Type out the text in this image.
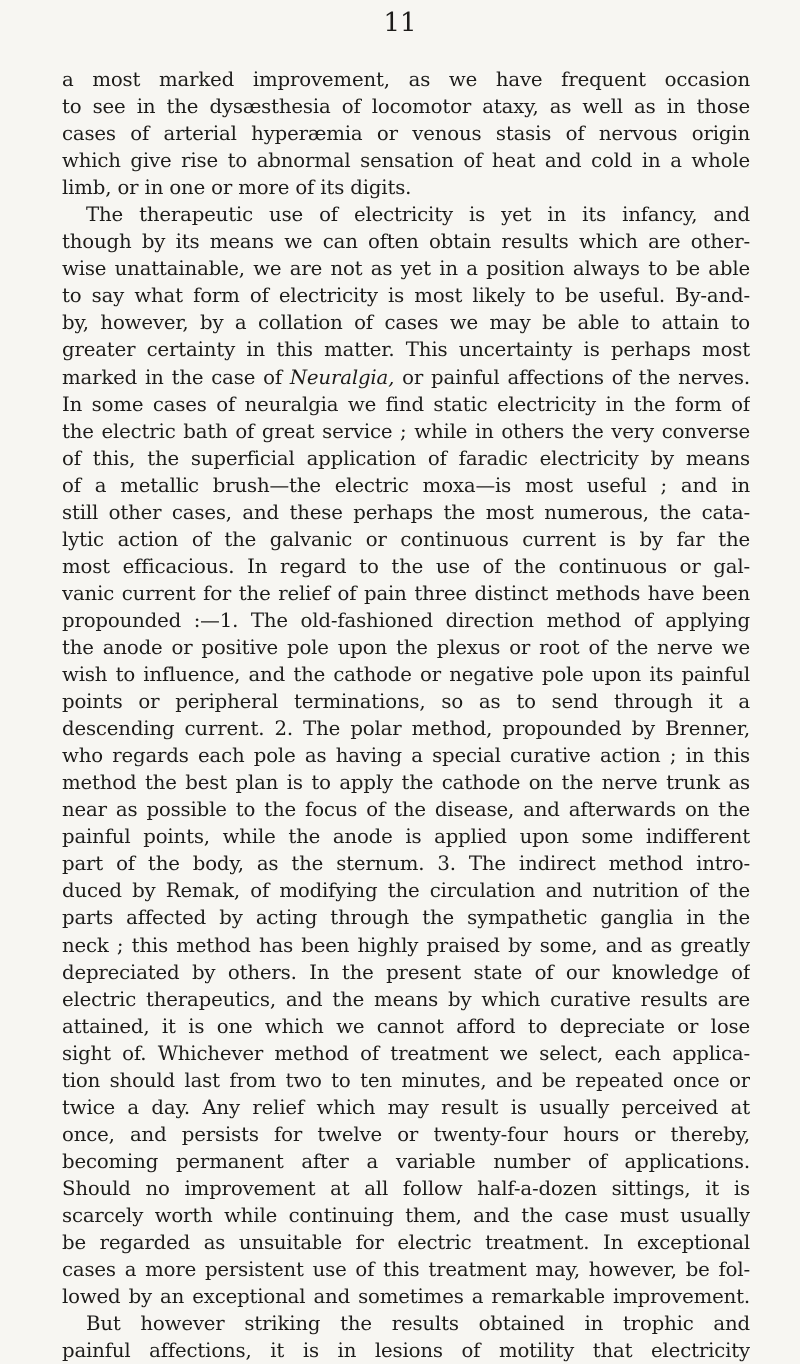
11
a most marked improvement, as we have frequent occasion
to see in the dysæsthesia of locomotor ataxy, as well as in those
cases of arterial hyperæmia or venous stasis of nervous origin
which give rise to abnormal sensation of heat and cold in a whole
limb, or in one or more of its digits.
The therapeutic use of electricity is yet in its infancy, and
though by its means we can often obtain results which are other-
wise unattainable, we are not as yet in a position always to be able
to say what form of electricity is most likely to be useful. By-and-
by, however, by a collation of cases we may be able to attain to
greater certainty in this matter. This uncertainty is perhaps most
marked in the case of Neuralgia, or painful affections of the nerves.
In some cases of neuralgia we find static electricity in the form of
the electric bath of great service ; while in others the very converse
of this, the superficial application of faradic electricity by means
of a metallic brush—the electric moxa—is most useful ; and in
still other cases, and these perhaps the most numerous, the cata-
lytic action of the galvanic or continuous current is by far the
most efficacious. In regard to the use of the continuous or gal-
vanic current for the relief of pain three distinct methods have been
propounded :—1. The old-fashioned direction method of applying
the anode or positive pole upon the plexus or root of the nerve we
wish to influence, and the cathode or negative pole upon its painful
points or peripheral terminations, so as to send through it a
descending current. 2. The polar method, propounded by Brenner,
who regards each pole as having a special curative action ; in this
method the best plan is to apply the cathode on the nerve trunk as
near as possible to the focus of the disease, and afterwards on the
painful points, while the anode is applied upon some indifferent
part of the body, as the sternum. 3. The indirect method intro-
duced by Remak, of modifying the circulation and nutrition of the
parts affected by acting through the sympathetic ganglia in the
neck ; this method has been highly praised by some, and as greatly
depreciated by others. In the present state of our knowledge of
electric therapeutics, and the means by which curative results are
attained, it is one which we cannot afford to depreciate or lose
sight of. Whichever method of treatment we select, each applica-
tion should last from two to ten minutes, and be repeated once or
twice a day. Any relief which may result is usually perceived at
once, and persists for twelve or twenty-four hours or thereby,
becoming permanent after a variable number of applications.
Should no improvement at all follow half-a-dozen sittings, it is
scarcely worth while continuing them, and the case must usually
be regarded as unsuitable for electric treatment. In exceptional
cases a more persistent use of this treatment may, however, be fol-
lowed by an exceptional and sometimes a remarkable improvement.
But however striking the results obtained in trophic and
painful affections, it is in lesions of motility that electricity
